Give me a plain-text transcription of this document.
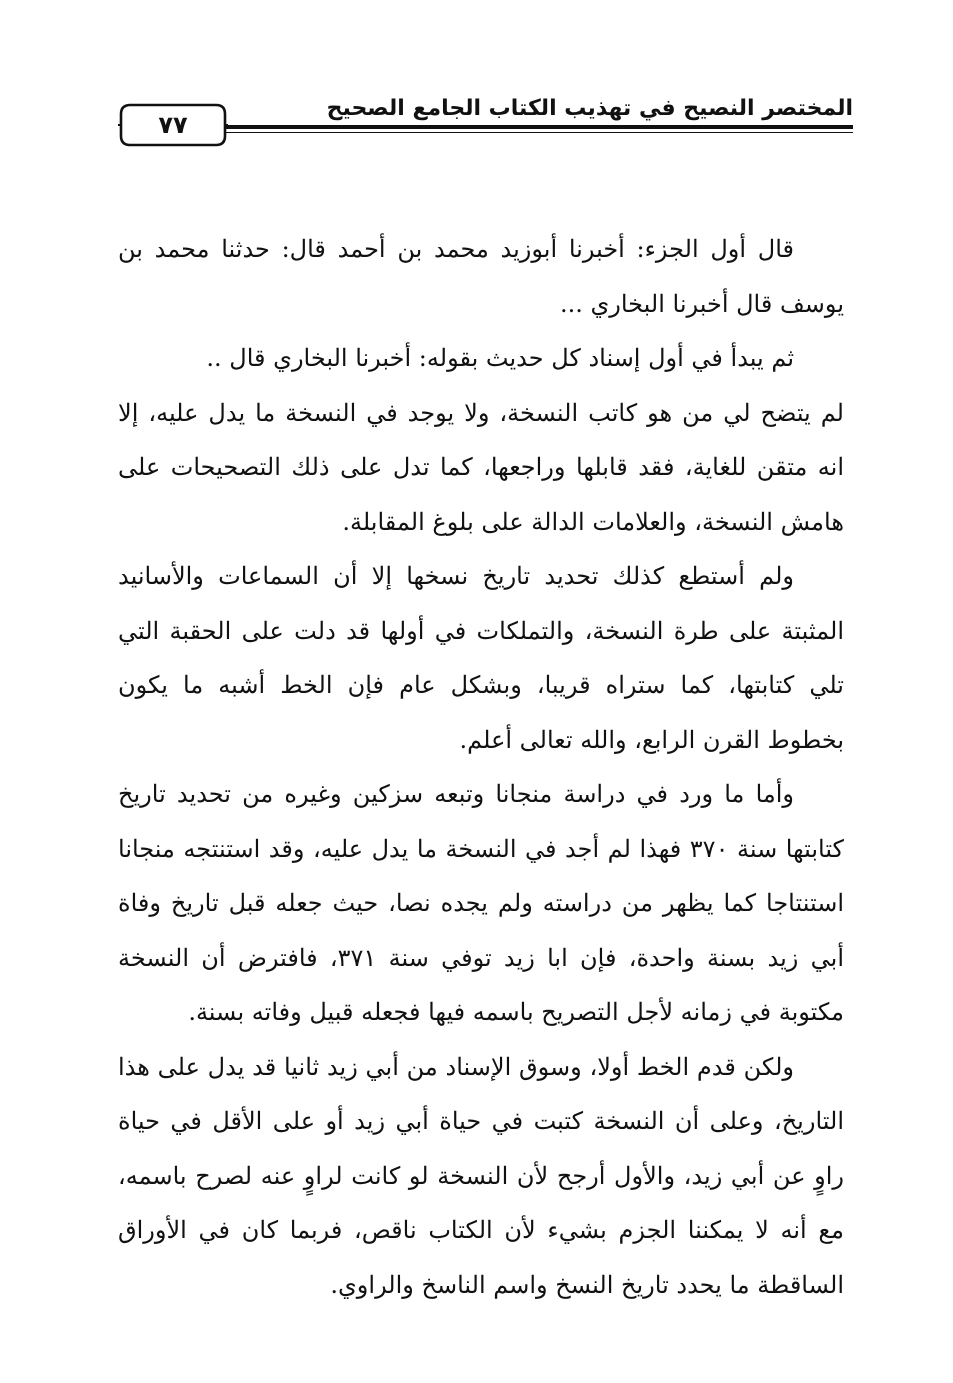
المختصر النصيح في تهذيب الكتاب الجامع الصحيح
٧٧

قال أول الجزء: أخبرنا أبوزيد محمد بن أحمد قال: حدثنا محمد بن يوسف قال أخبرنا البخاري ...

ثم يبدأ في أول إسناد كل حديث بقوله: أخبرنا البخاري قال ..

لم يتضح لي من هو كاتب النسخة، ولا يوجد في النسخة ما يدل عليه، إلا انه متقن للغاية، فقد قابلها وراجعها، كما تدل على ذلك التصحيحات على هامش النسخة، والعلامات الدالة على بلوغ المقابلة.

ولم أستطع كذلك تحديد تاريخ نسخها إلا أن السماعات والأسانيد المثبتة على طرة النسخة، والتملكات في أولها قد دلت على الحقبة التي تلي كتابتها، كما ستراه قريبا، وبشكل عام فإن الخط أشبه ما يكون بخطوط القرن الرابع، والله تعالى أعلم.

وأما ما ورد في دراسة منجانا وتبعه سزكين وغيره من تحديد تاريخ كتابتها سنة ٣٧٠ فهذا لم أجد في النسخة ما يدل عليه، وقد استنتجه منجانا استنتاجا كما يظهر من دراسته ولم يجده نصا، حيث جعله قبل تاريخ وفاة أبي زيد بسنة واحدة، فإن ابا زيد توفي سنة ٣٧١، فافترض أن النسخة مكتوبة في زمانه لأجل التصريح باسمه فيها فجعله قبيل وفاته بسنة.

ولكن قدم الخط أولا، وسوق الإسناد من أبي زيد ثانيا قد يدل على هذا التاريخ، وعلى أن النسخة كتبت في حياة أبي زيد أو على الأقل في حياة راوٍ عن أبي زيد، والأول أرجح لأن النسخة لو كانت لراوٍ عنه لصرح باسمه، مع أنه لا يمكننا الجزم بشيء لأن الكتاب ناقص، فربما كان في الأوراق الساقطة ما يحدد تاريخ النسخ واسم الناسخ والراوي.
